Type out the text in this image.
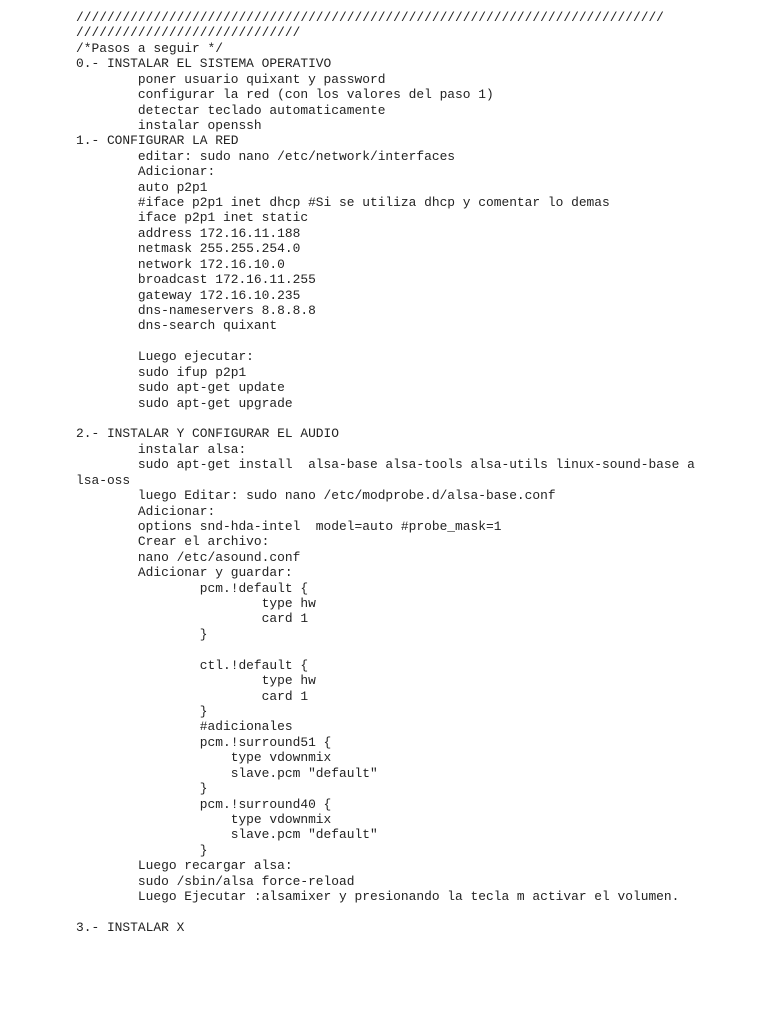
////////////////////////////////////////////////////////////////////////////
/////////////////////////////
/*Pasos a seguir */
0.- INSTALAR EL SISTEMA OPERATIVO
poner usuario quixant y password
configurar la red (con los valores del paso 1)
detectar teclado automaticamente
instalar openssh
1.- CONFIGURAR LA RED
editar: sudo nano /etc/network/interfaces
Adicionar:
auto p2p1
#iface p2p1 inet dhcp #Si se utiliza dhcp y comentar lo demas
iface p2p1 inet static
address 172.16.11.188
netmask 255.255.254.0
network 172.16.10.0
broadcast 172.16.11.255
gateway 172.16.10.235
dns-nameservers 8.8.8.8
dns-search quixant
Luego ejecutar:
sudo ifup p2p1
sudo apt-get update
sudo apt-get upgrade
2.- INSTALAR Y CONFIGURAR EL AUDIO
instalar alsa:
sudo apt-get install  alsa-base alsa-tools alsa-utils linux-sound-base a
lsa-oss
luego Editar: sudo nano /etc/modprobe.d/alsa-base.conf
Adicionar:
options snd-hda-intel  model=auto #probe_mask=1
Crear el archivo:
nano /etc/asound.conf
Adicionar y guardar:
pcm.!default {
type hw
card 1
}
ctl.!default {
type hw
card 1
}
#adicionales
pcm.!surround51 {
type vdownmix
slave.pcm "default"
}
pcm.!surround40 {
type vdownmix
slave.pcm "default"
}
Luego recargar alsa:
sudo /sbin/alsa force-reload
Luego Ejecutar :alsamixer y presionando la tecla m activar el volumen.
3.- INSTALAR X
